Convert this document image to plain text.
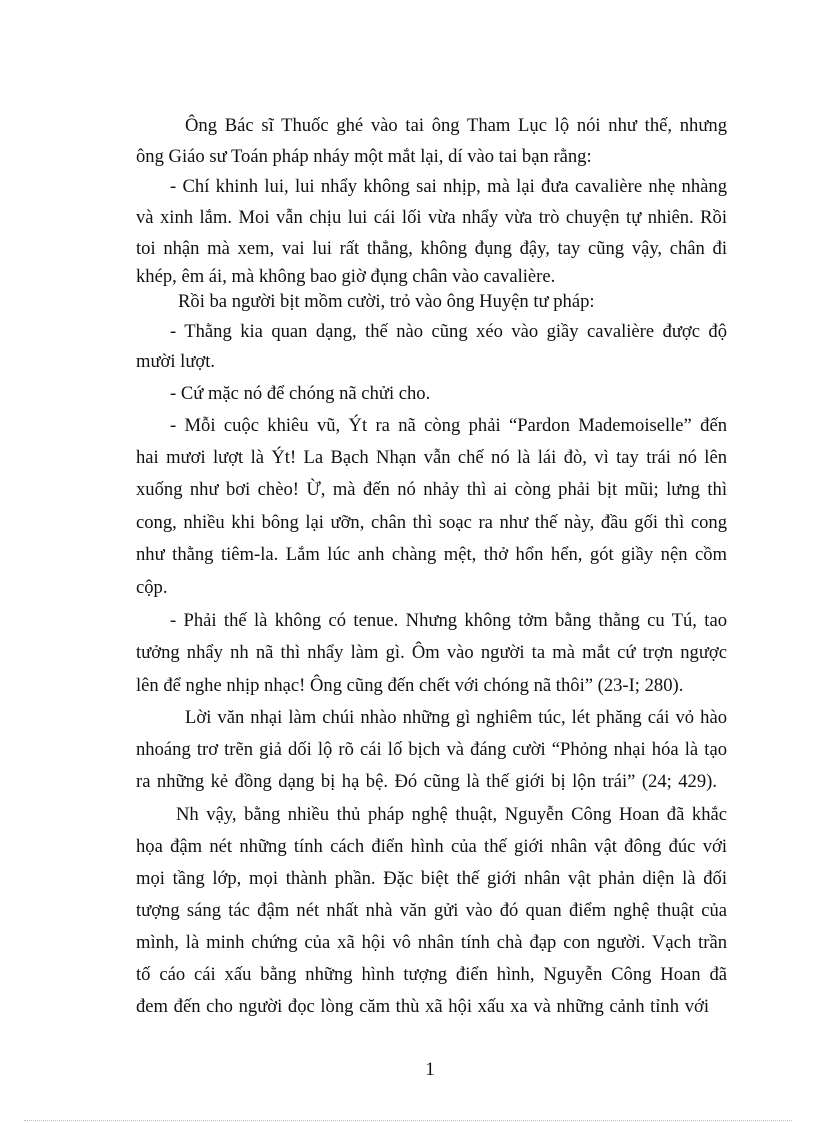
Ông Bác sĩ Thuốc ghé vào tai ông Tham Lục lộ nói như thế, nhưng
ông Giáo sư Toán pháp nháy một mắt lại, dí vào tai bạn rằng:
- Chí khinh lui, lui nhẩy không sai nhịp, mà lại đưa cavalière nhẹ nhàng
và xinh lắm. Moi vẫn chịu lui cái lối vừa nhẩy vừa trò chuyện tự nhiên. Rồi
toi nhận mà xem, vai lui rất thẳng, không đụng đậy, tay cũng vậy, chân đi
khép, êm ái, mà không bao giờ đụng chân vào cavalière.
Rồi ba người bịt mồm cười, trỏ vào ông Huyện tư pháp:
- Thằng kia quan dạng, thế nào cũng xéo vào giầy cavalière được độ
mười lượt.
- Cứ mặc nó để chóng nã chửi cho.
- Mỗi cuộc khiêu vũ, Ýt ra nã còng phải “Pardon Mademoiselle” đến
hai mươi lượt là Ýt! La Bạch Nhạn vẫn chế nó là lái đò, vì tay trái nó lên
xuống như bơi chèo! Ừ, mà đến nó nhảy thì ai còng phải bịt mũi; lưng thì
cong, nhiều khi bông lại ưỡn, chân thì soạc ra như thế này, đầu gối thì cong
như thằng tiêm-la. Lắm lúc anh chàng mệt, thở hổn hển, gót giầy nện cồm
cộp.
- Phải thế là không có tenue. Nhưng không tởm bằng thằng cu Tú, tao
tưởng nhẩy nh nã thì nhẩy làm gì. Ôm vào người ta mà mắt cứ trợn ngược
lên để nghe nhịp nhạc! Ông cũng đến chết với chóng nã thôi” (23-I; 280).
Lời văn nhại làm chúi nhào những gì nghiêm túc, lét phăng cái vỏ hào
nhoáng trơ trẽn giả dối lộ rõ cái lố bịch và đáng cười “Phỏng nhại hóa là tạo
ra những kẻ đồng dạng bị hạ bệ. Đó cũng là thế giới bị lộn trái” (24; 429).
Nh vậy, bằng nhiều thủ pháp nghệ thuật, Nguyễn Công Hoan đã khắc
họa đậm nét những tính cách điển hình của thế giới nhân vật đông đúc với
mọi tầng lớp, mọi thành phần. Đặc biệt thế giới nhân vật phản diện là đối
tượng sáng tác đậm nét nhất nhà văn gửi vào đó quan điểm nghệ thuật của
mình, là minh chứng của xã hội vô nhân tính chà đạp con người. Vạch trần
tố cáo cái xấu bằng những hình tượng điển hình, Nguyễn Công Hoan đã
đem đến cho người đọc lòng căm thù xã hội xấu xa và những cảnh tỉnh với
1
